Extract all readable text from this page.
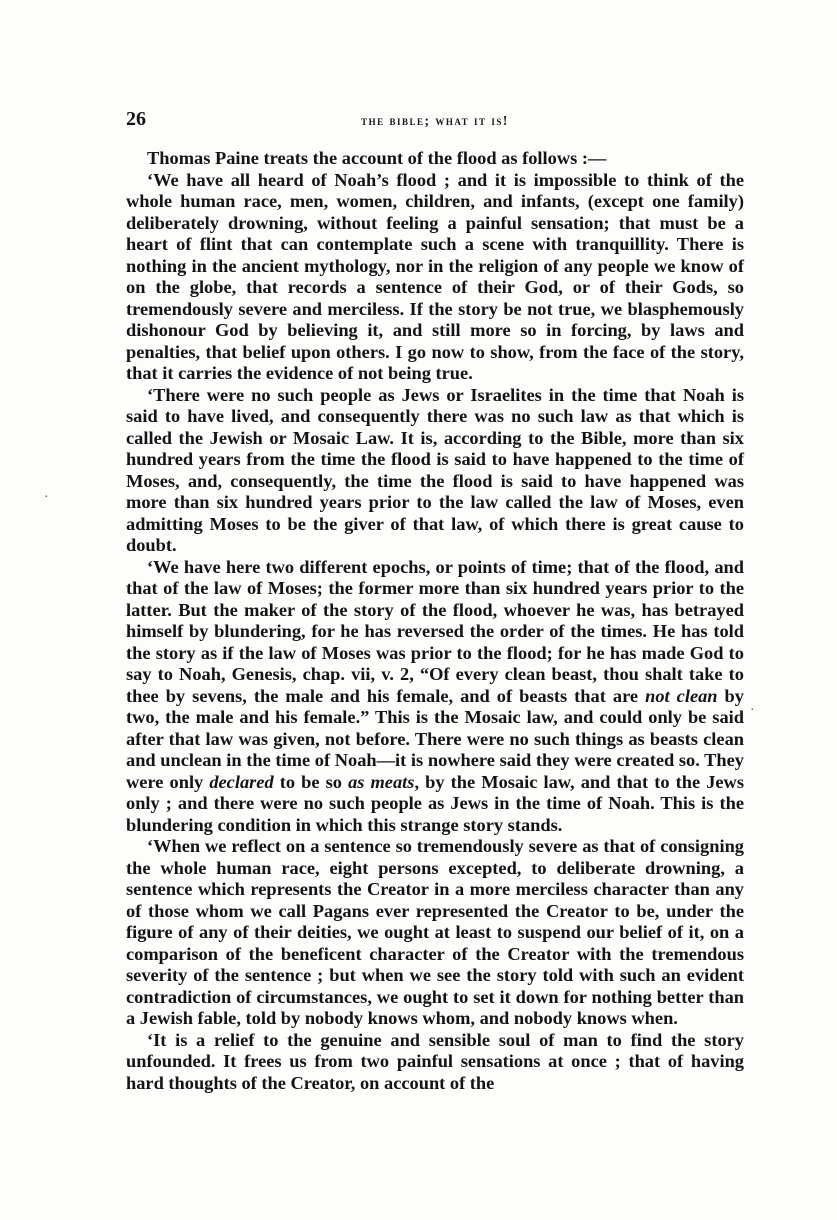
26	the bible; what it is!

Thomas Paine treats the account of the flood as follows :—

‘We have all heard of Noah’s flood ; and it is impossible to think of the whole human race, men, women, children, and infants, (except one family) deliberately drowning, without feeling a painful sensation; that must be a heart of flint that can contemplate such a scene with tranquillity. There is nothing in the ancient mythology, nor in the religion of any people we know of on the globe, that records a sentence of their God, or of their Gods, so tremendously severe and merciless. If the story be not true, we blasphemously dishonour God by believing it, and still more so in forcing, by laws and penalties, that belief upon others. I go now to show, from the face of the story, that it carries the evidence of not being true.

‘There were no such people as Jews or Israelites in the time that Noah is said to have lived, and consequently there was no such law as that which is called the Jewish or Mosaic Law. It is, according to the Bible, more than six hundred years from the time the flood is said to have happened to the time of Moses, and, consequently, the time the flood is said to have happened was more than six hundred years prior to the law called the law of Moses, even admitting Moses to be the giver of that law, of which there is great cause to doubt.

‘We have here two different epochs, or points of time; that of the flood, and that of the law of Moses; the former more than six hundred years prior to the latter. But the maker of the story of the flood, whoever he was, has betrayed himself by blundering, for he has reversed the order of the times. He has told the story as if the law of Moses was prior to the flood; for he has made God to say to Noah, Genesis, chap. vii, v. 2, “Of every clean beast, thou shalt take to thee by sevens, the male and his female, and of beasts that are not clean by two, the male and his female.” This is the Mosaic law, and could only be said after that law was given, not before. There were no such things as beasts clean and unclean in the time of Noah—it is nowhere said they were created so. They were only declared to be so as meats, by the Mosaic law, and that to the Jews only ; and there were no such people as Jews in the time of Noah. This is the blundering condition in which this strange story stands.

‘When we reflect on a sentence so tremendously severe as that of consigning the whole human race, eight persons excepted, to deliberate drowning, a sentence which represents the Creator in a more merciless character than any of those whom we call Pagans ever represented the Creator to be, under the figure of any of their deities, we ought at least to suspend our belief of it, on a comparison of the beneficent character of the Creator with the tremendous severity of the sentence ; but when we see the story told with such an evident contradiction of circumstances, we ought to set it down for nothing better than a Jewish fable, told by nobody knows whom, and nobody knows when.

‘It is a relief to the genuine and sensible soul of man to find the story unfounded. It frees us from two painful sensations at once ; that of having hard thoughts of the Creator, on account of the

·
·
